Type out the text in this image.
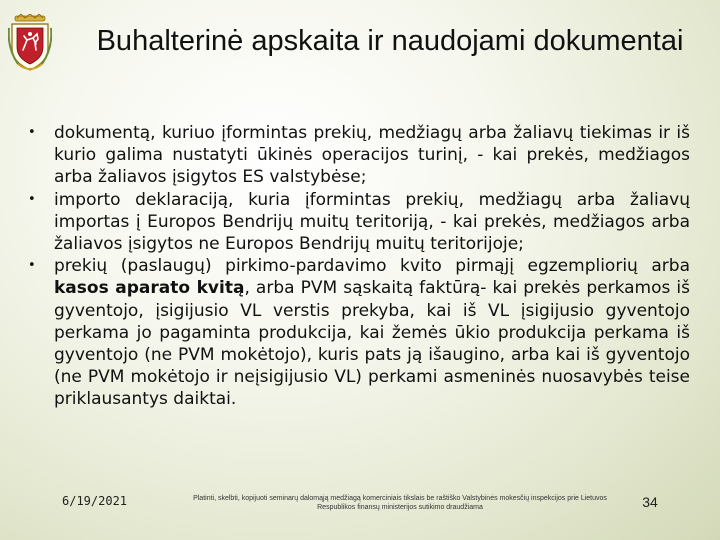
Buhalterinė apskaita ir naudojami dokumentai
•	dokumentą, kuriuo įformintas prekių, medžiagų arba žaliavų tiekimas ir iš kurio galima nustatyti ūkinės operacijos turinį, - kai prekės, medžiagos arba žaliavos įsigytos ES valstybėse;
•	importo deklaraciją, kuria įformintas prekių, medžiagų arba žaliavų importas į Europos Bendrijų muitų teritoriją, - kai prekės, medžiagos arba žaliavos įsigytos ne Europos Bendrijų muitų teritorijoje;
•	prekių (paslaugų) pirkimo-pardavimo kvito pirmąjį egzempliorių arba kasos aparato kvitą, arba PVM sąskaitą faktūrą- kai prekės perkamos iš gyventojo, įsigijusio VL verstis prekyba, kai iš VL įsigijusio gyventojo perkama jo pagaminta produkcija, kai žemės ūkio produkcija perkama iš gyventojo (ne PVM mokėtojo), kuris pats ją išaugino, arba kai iš gyventojo (ne PVM mokėtojo ir neįsigijusio VL) perkami asmeninės nuosavybės teise priklausantys daiktai.
6/19/2021	Platinti, skelbti, kopijuoti seminarų dalomąją medžiagą komerciniais tikslais be raštiško Valstybinės mokesčių inspekcijos prie Lietuvos Respublikos finansų ministerijos sutikimo draudžiama	34
